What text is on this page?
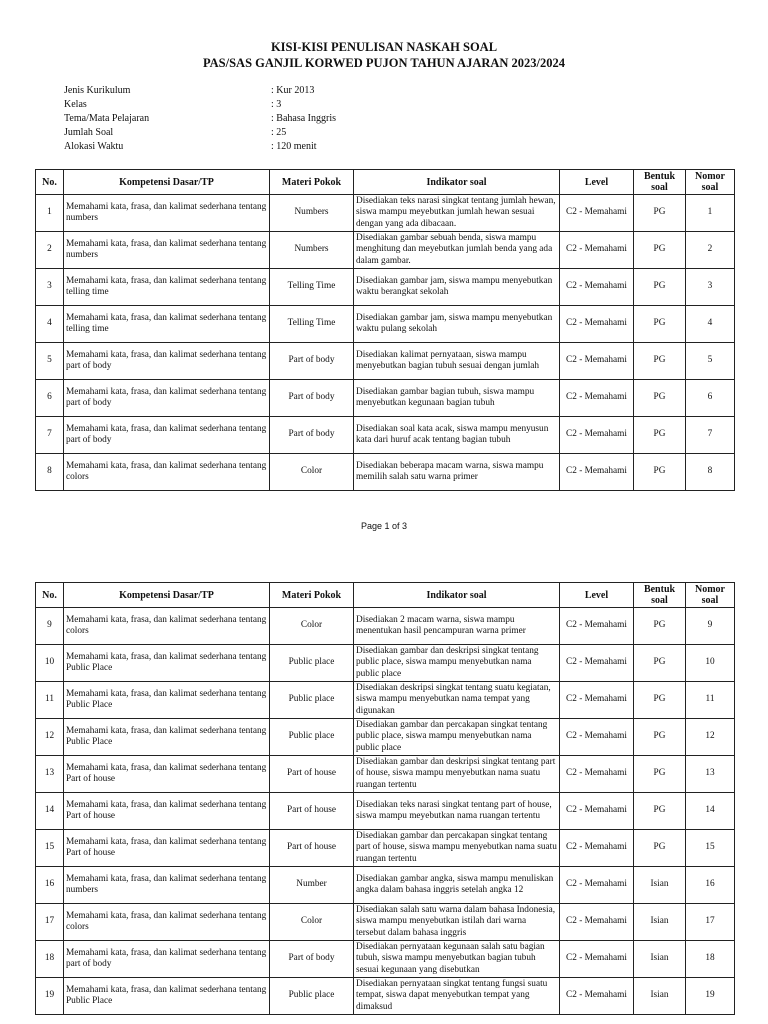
KISI-KISI PENULISAN NASKAH SOAL
PAS/SAS GANJIL KORWED PUJON TAHUN AJARAN 2023/2024
Jenis Kurikulum	: Kur 2013
Kelas	: 3
Tema/Mata Pelajaran	: Bahasa Inggris
Jumlah Soal	: 25
Alokasi Waktu	: 120 menit
No.	Kompetensi Dasar/TP	Materi Pokok	Indikator soal	Level	Bentuk soal	Nomor soal
1	Memahami kata, frasa, dan kalimat sederhana tentang numbers	Numbers	Disediakan teks narasi singkat tentang jumlah hewan, siswa mampu meyebutkan jumlah hewan sesuai dengan yang ada dibacaan.	C2 - Memahami	PG	1
2	Memahami kata, frasa, dan kalimat sederhana tentang numbers	Numbers	Disediakan gambar sebuah benda, siswa mampu menghitung dan meyebutkan jumlah benda yang ada dalam gambar.	C2 - Memahami	PG	2
3	Memahami kata, frasa, dan kalimat sederhana tentang telling time	Telling Time	Disediakan gambar jam, siswa mampu menyebutkan waktu berangkat sekolah	C2 - Memahami	PG	3
4	Memahami kata, frasa, dan kalimat sederhana tentang telling time	Telling Time	Disediakan gambar jam, siswa mampu menyebutkan waktu pulang sekolah	C2 - Memahami	PG	4
5	Memahami kata, frasa, dan kalimat sederhana tentang part of body	Part of body	Disediakan kalimat pernyataan, siswa mampu menyebutkan bagian tubuh sesuai dengan jumlah	C2 - Memahami	PG	5
6	Memahami kata, frasa, dan kalimat sederhana tentang part of body	Part of body	Disediakan gambar bagian tubuh, siswa mampu menyebutkan kegunaan bagian tubuh	C2 - Memahami	PG	6
7	Memahami kata, frasa, dan kalimat sederhana tentang part of body	Part of body	Disediakan soal kata acak, siswa mampu menyusun kata dari huruf acak tentang bagian tubuh	C2 - Memahami	PG	7
8	Memahami kata, frasa, dan kalimat sederhana tentang colors	Color	Disediakan beberapa macam warna, siswa mampu memilih salah satu warna primer	C2 - Memahami	PG	8
Page 1 of 3
No.	Kompetensi Dasar/TP	Materi Pokok	Indikator soal	Level	Bentuk soal	Nomor soal
9	Memahami kata, frasa, dan kalimat sederhana tentang colors	Color	Disediakan 2 macam warna, siswa mampu menentukan hasil pencampuran warna primer	C2 - Memahami	PG	9
10	Memahami kata, frasa, dan kalimat sederhana tentang Public Place	Public place	Disediakan gambar dan deskripsi singkat tentang public place, siswa mampu menyebutkan nama public place	C2 - Memahami	PG	10
11	Memahami kata, frasa, dan kalimat sederhana tentang Public Place	Public place	Disediakan deskripsi singkat tentang suatu kegiatan, siswa mampu menyebutkan nama tempat yang digunakan	C2 - Memahami	PG	11
12	Memahami kata, frasa, dan kalimat sederhana tentang Public Place	Public place	Disediakan gambar dan percakapan singkat tentang public place, siswa mampu menyebutkan nama public place	C2 - Memahami	PG	12
13	Memahami kata, frasa, dan kalimat sederhana tentang Part of house	Part of house	Disediakan gambar dan deskripsi singkat tentang part of house, siswa mampu menyebutkan nama suatu ruangan tertentu	C2 - Memahami	PG	13
14	Memahami kata, frasa, dan kalimat sederhana tentang Part of house	Part of house	Disediakan teks narasi singkat tentang part of house, siswa mampu meyebutkan nama ruangan tertentu	C2 - Memahami	PG	14
15	Memahami kata, frasa, dan kalimat sederhana tentang Part of house	Part of house	Disediakan gambar dan percakapan singkat tentang part of house, siswa mampu menyebutkan nama suatu ruangan tertentu	C2 - Memahami	PG	15
16	Memahami kata, frasa, dan kalimat sederhana tentang numbers	Number	Disediakan gambar angka, siswa mampu menuliskan angka dalam bahasa inggris setelah angka 12	C2 - Memahami	Isian	16
17	Memahami kata, frasa, dan kalimat sederhana tentang colors	Color	Disediakan salah satu warna dalam bahasa Indonesia, siswa mampu menyebutkan istilah dari warna tersebut dalam bahasa inggris	C2 - Memahami	Isian	17
18	Memahami kata, frasa, dan kalimat sederhana tentang part of body	Part of body	Disediakan pernyataan kegunaan salah satu bagian tubuh, siswa mampu menyebutkan bagian tubuh sesuai kegunaan yang disebutkan	C2 - Memahami	Isian	18
19	Memahami kata, frasa, dan kalimat sederhana tentang Public Place	Public place	Disediakan pernyataan singkat tentang fungsi suatu tempat, siswa dapat menyebutkan tempat yang dimaksud	C2 - Memahami	Isian	19
